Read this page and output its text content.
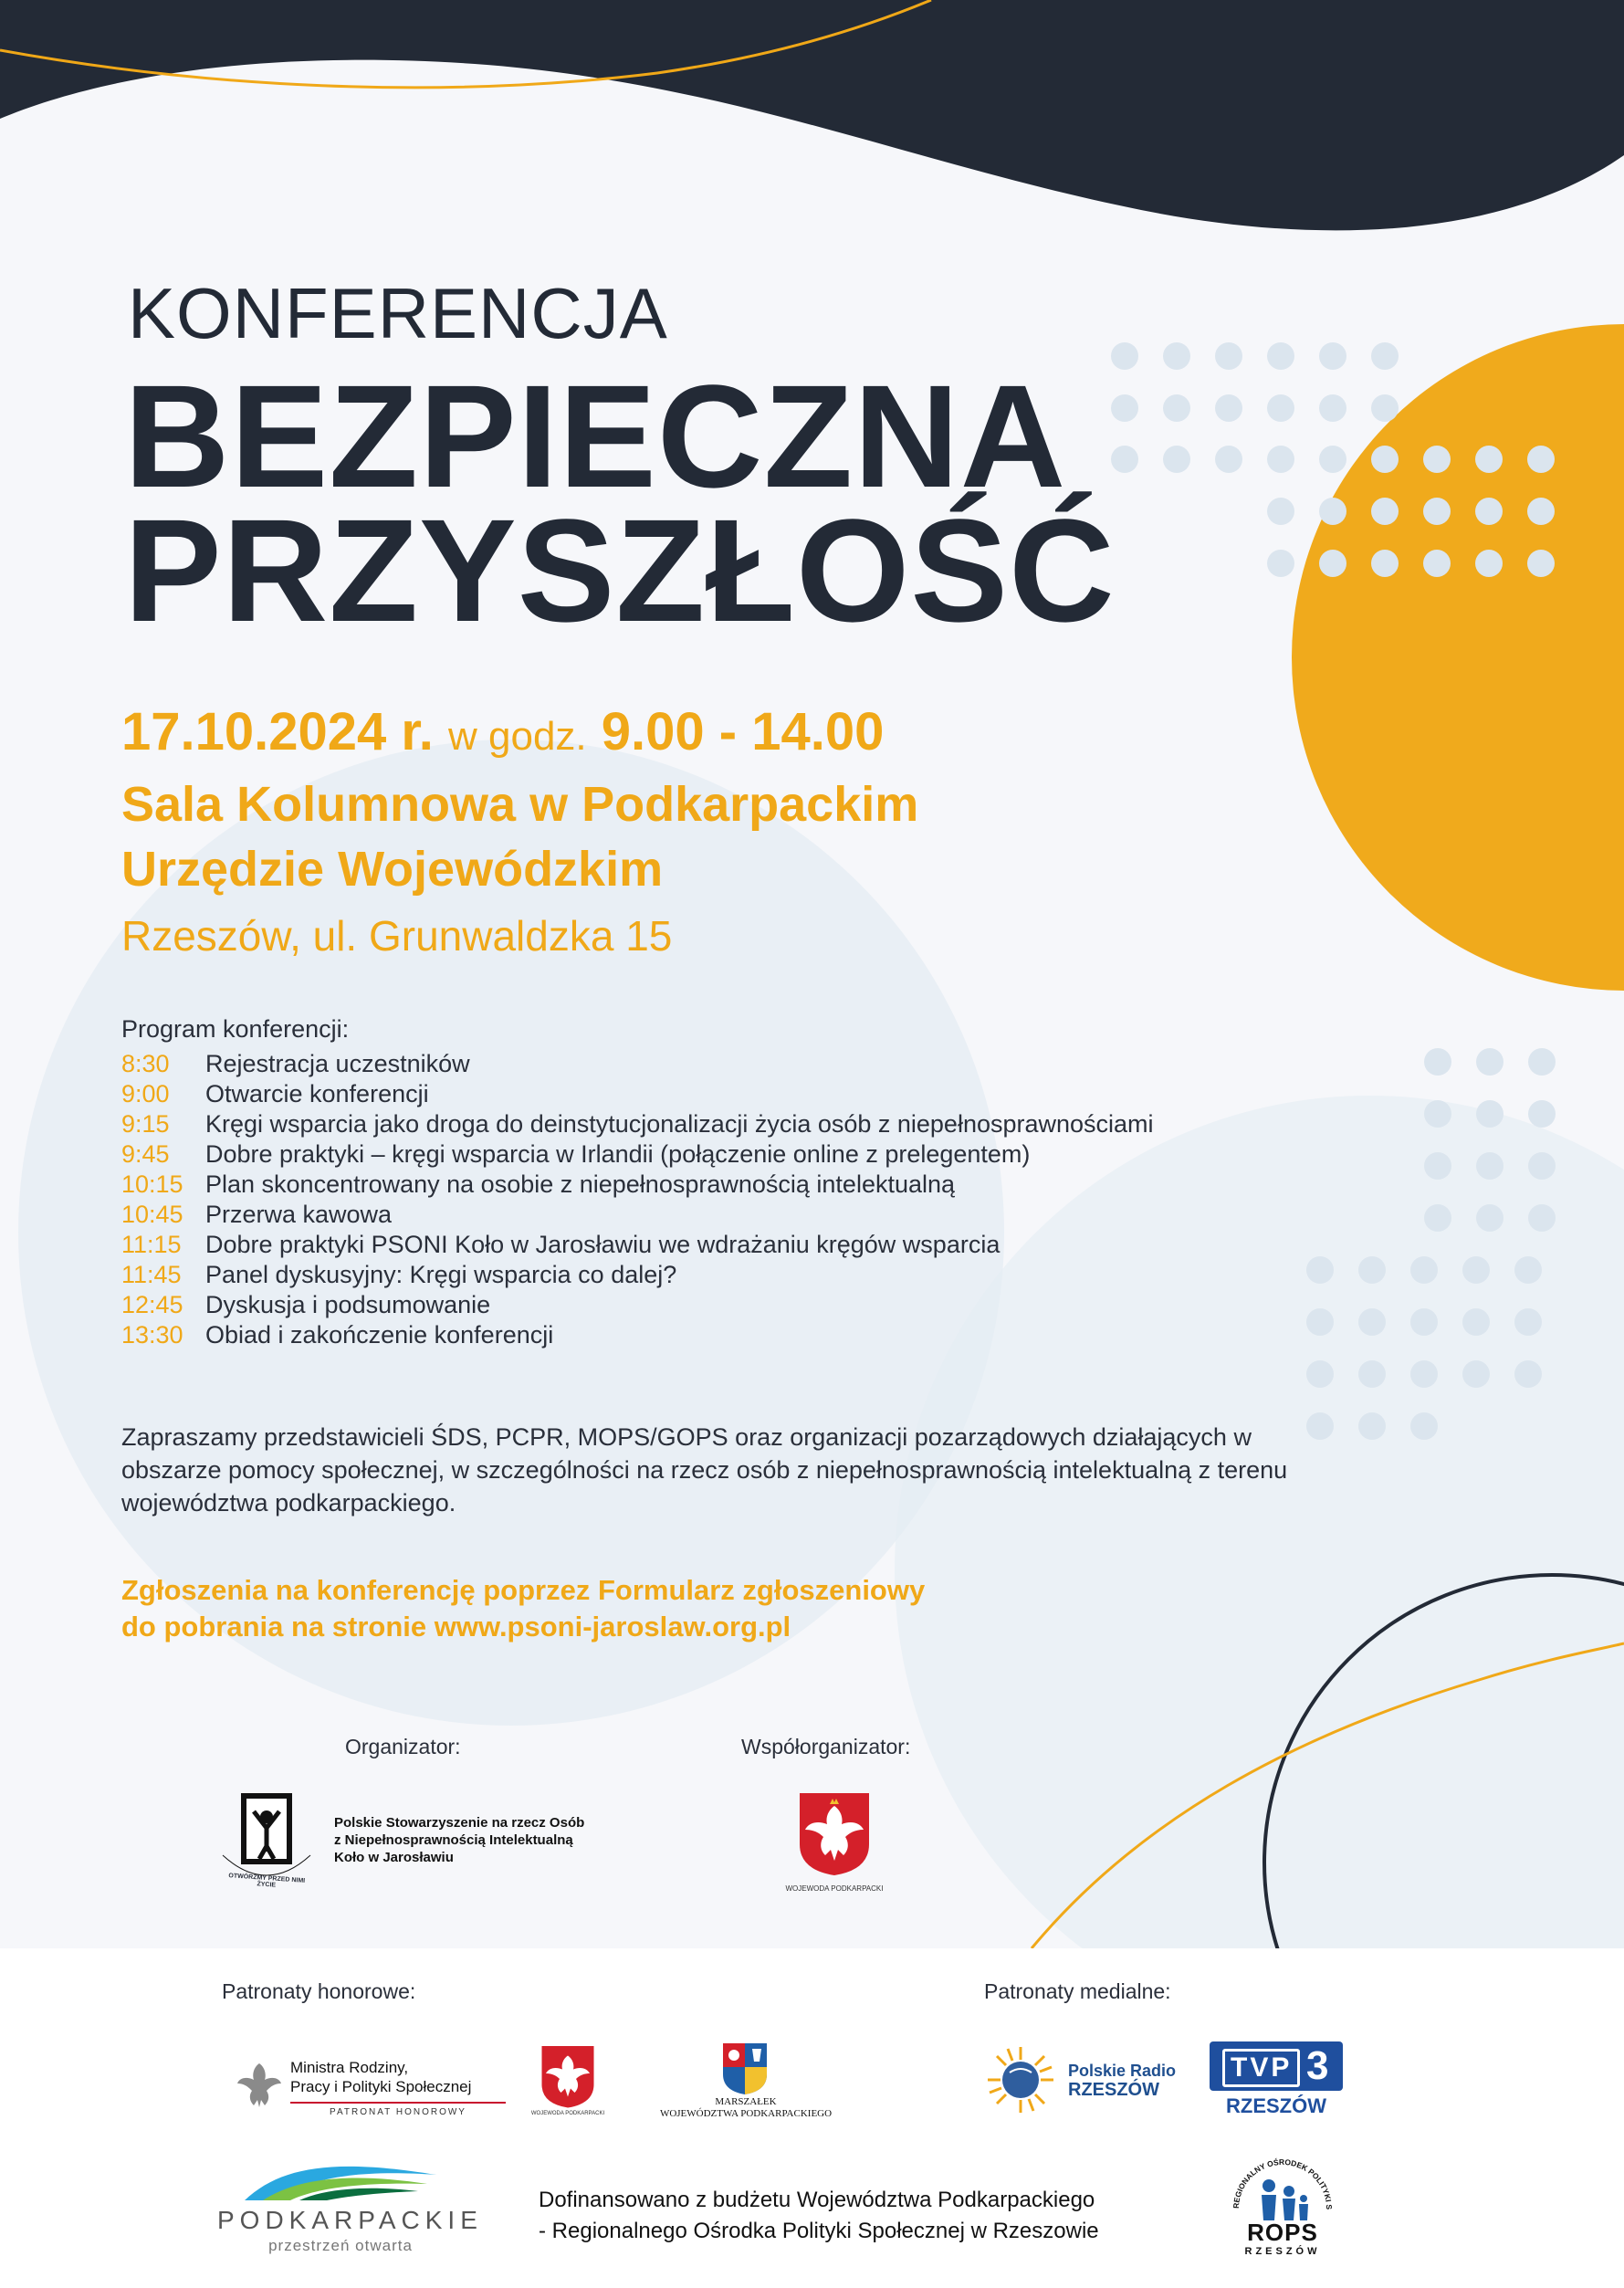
KONFERENCJA
BEZPIECZNA
PRZYSZŁOŚĆ
17.10.2024 r. w godz. 9.00 - 14.00
Sala Kolumnowa w Podkarpackim
Urzędzie Wojewódzkim
Rzeszów, ul. Grunwaldzka 15
Program konferencji:
8:30 Rejestracja uczestników
9:00 Otwarcie konferencji
9:15 Kręgi wsparcia jako droga do deinstytucjonalizacji życia osób z niepełnosprawnościami
9:45 Dobre praktyki – kręgi wsparcia w Irlandii (połączenie online z prelegentem)
10:15 Plan skoncentrowany na osobie z niepełnosprawnością intelektualną
10:45 Przerwa kawowa
11:15 Dobre praktyki PSONI Koło w Jarosławiu we wdrażaniu kręgów wsparcia
11:45 Panel dyskusyjny: Kręgi wsparcia co dalej?
12:45 Dyskusja i podsumowanie
13:30 Obiad i zakończenie konferencji
Zapraszamy przedstawicieli ŚDS, PCPR, MOPS/GOPS oraz organizacji pozarządowych działających w obszarze pomocy społecznej, w szczególności na rzecz osób z niepełnosprawnością intelektualną z terenu województwa podkarpackiego.
Zgłoszenia na konferencję poprzez Formularz zgłoszeniowy
do pobrania na stronie www.psoni-jaroslaw.org.pl
Organizator:	Współorganizator:
OTWÓRZMY PRZED NIMI ŻYCIE
Polskie Stowarzyszenie na rzecz Osób
z Niepełnosprawnością Intelektualną
Koło w Jarosławiu
WOJEWODA PODKARPACKI
Patronaty honorowe:	Patronaty medialne:
Ministra Rodziny,
Pracy i Polityki Społecznej
PATRONAT HONOROWY	WOJEWODA PODKARPACKI
MARSZAŁEK
WOJEWÓDZTWA PODKARPACKIEGO
Polskie Radio
RZESZÓW
TVP 3
RZESZÓW
PODKARPACKIE
przestrzeń otwarta
Dofinansowano z budżetu Województwa Podkarpackiego
- Regionalnego Ośrodka Polityki Społecznej w Rzeszowie
REGIONALNY OŚRODEK POLITYKI S
ROPS
RZESZÓW
